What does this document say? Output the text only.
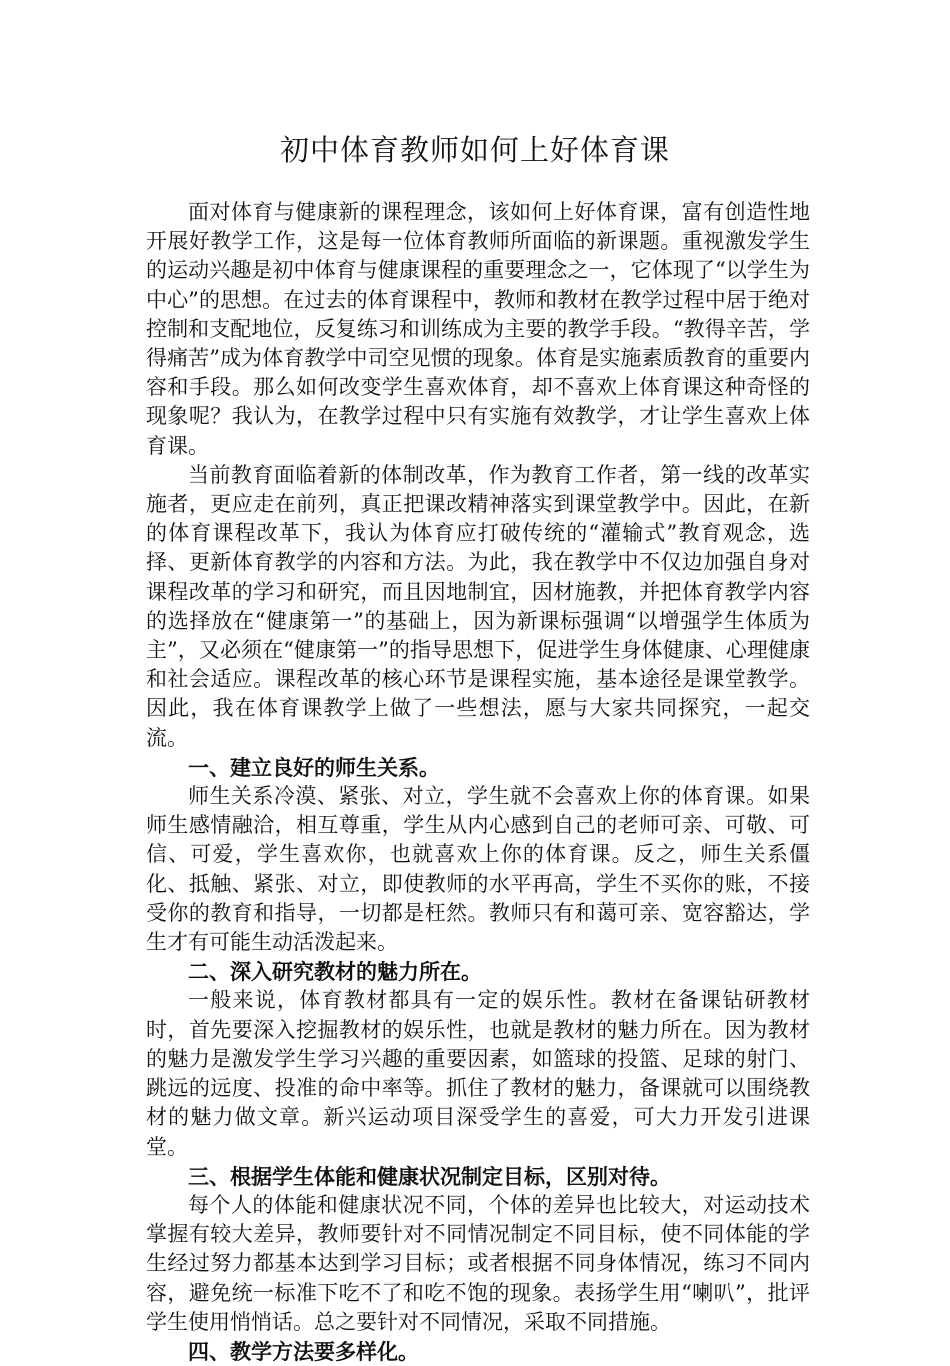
初中体育教师如何上好体育课

面对体育与健康新的课程理念，该如何上好体育课，富有创造性地开展好教学工作，这是每一位体育教师所面临的新课题。重视激发学生的运动兴趣是初中体育与健康课程的重要理念之一，它体现了“以学生为中心”的思想。在过去的体育课程中，教师和教材在教学过程中居于绝对控制和支配地位，反复练习和训练成为主要的教学手段。“教得辛苦，学得痛苦”成为体育教学中司空见惯的现象。体育是实施素质教育的重要内容和手段。那么如何改变学生喜欢体育，却不喜欢上体育课这种奇怪的现象呢？我认为，在教学过程中只有实施有效教学，才让学生喜欢上体育课。

当前教育面临着新的体制改革，作为教育工作者，第一线的改革实施者，更应走在前列，真正把课改精神落实到课堂教学中。因此，在新的体育课程改革下，我认为体育应打破传统的“灌输式”教育观念，选择、更新体育教学的内容和方法。为此，我在教学中不仅边加强自身对课程改革的学习和研究，而且因地制宜，因材施教，并把体育教学内容的选择放在“健康第一”的基础上，因为新课标强调“以增强学生体质为主”，又必须在“健康第一”的指导思想下，促进学生身体健康、心理健康和社会适应。课程改革的核心环节是课程实施，基本途径是课堂教学。因此，我在体育课教学上做了一些想法，愿与大家共同探究，一起交流。

一、建立良好的师生关系。

师生关系冷漠、紧张、对立，学生就不会喜欢上你的体育课。如果师生感情融洽，相互尊重，学生从内心感到自己的老师可亲、可敬、可信、可爱，学生喜欢你，也就喜欢上你的体育课。反之，师生关系僵化、抵触、紧张、对立，即使教师的水平再高，学生不买你的账，不接受你的教育和指导，一切都是枉然。教师只有和蔼可亲、宽容豁达，学生才有可能生动活泼起来。

二、深入研究教材的魅力所在。

一般来说，体育教材都具有一定的娱乐性。教材在备课钻研教材时，首先要深入挖掘教材的娱乐性，也就是教材的魅力所在。因为教材的魅力是激发学生学习兴趣的重要因素，如篮球的投篮、足球的射门、跳远的远度、投准的命中率等。抓住了教材的魅力，备课就可以围绕教材的魅力做文章。新兴运动项目深受学生的喜爱，可大力开发引进课堂。

三、根据学生体能和健康状况制定目标，区别对待。

每个人的体能和健康状况不同，个体的差异也比较大，对运动技术掌握有较大差异，教师要针对不同情况制定不同目标，使不同体能的学生经过努力都基本达到学习目标；或者根据不同身体情况，练习不同内容，避免统一标准下吃不了和吃不饱的现象。表扬学生用“喇叭”，批评学生使用悄悄话。总之要针对不同情况，采取不同措施。

四、教学方法要多样化。
